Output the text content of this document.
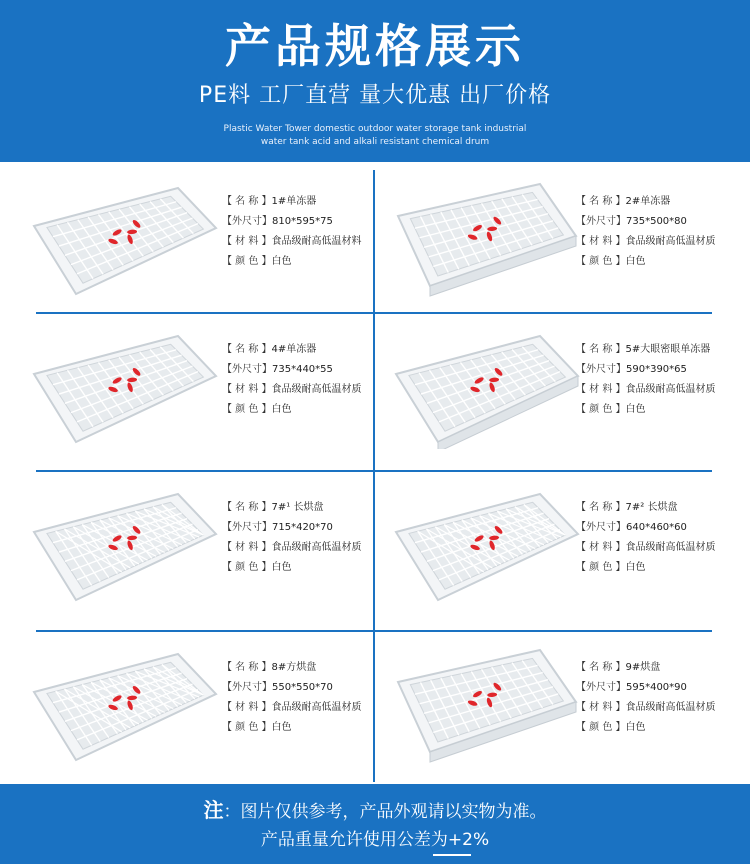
产品规格展示
PE料 工厂直营 量大优惠 出厂价格
Plastic Water Tower domestic outdoor water storage tank industrial
water tank acid and alkali resistant chemical drum
【 名 称 】1#单冻器
【外尺寸】810*595*75
【 材 料 】食品级耐高低温材料
【 颜 色 】白色
【 名 称 】2#单冻器
【外尺寸】735*500*80
【 材 料 】食品级耐高低温材质
【 颜 色 】白色
【 名 称 】4#单冻器
【外尺寸】735*440*55
【 材 料 】食品级耐高低温材质
【 颜 色 】白色
【 名 称 】5#大眼密眼单冻器
【外尺寸】590*390*65
【 材 料 】食品级耐高低温材质
【 颜 色 】白色
【 名 称 】7#¹ 长烘盘
【外尺寸】715*420*70
【 材 料 】食品级耐高低温材质
【 颜 色 】白色
【 名 称 】7#² 长烘盘
【外尺寸】640*460*60
【 材 料 】食品级耐高低温材质
【 颜 色 】白色
【 名 称 】8#方烘盘
【外尺寸】550*550*70
【 材 料 】食品级耐高低温材质
【 颜 色 】白色
【 名 称 】9#烘盘
【外尺寸】595*400*90
【 材 料 】食品级耐高低温材质
【 颜 色 】白色
注：图片仅供参考，产品外观请以实物为准。
产品重量允许使用公差为+2%
